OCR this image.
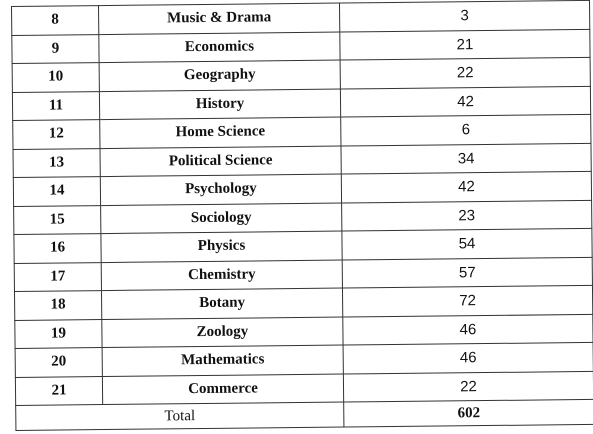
8	Music & Drama	3
9	Economics	21
10	Geography	22
11	History	42
12	Home Science	6
13	Political Science	34
14	Psychology	42
15	Sociology	23
16	Physics	54
17	Chemistry	57
18	Botany	72
19	Zoology	46
20	Mathematics	46
21	Commerce	22
Total		602
